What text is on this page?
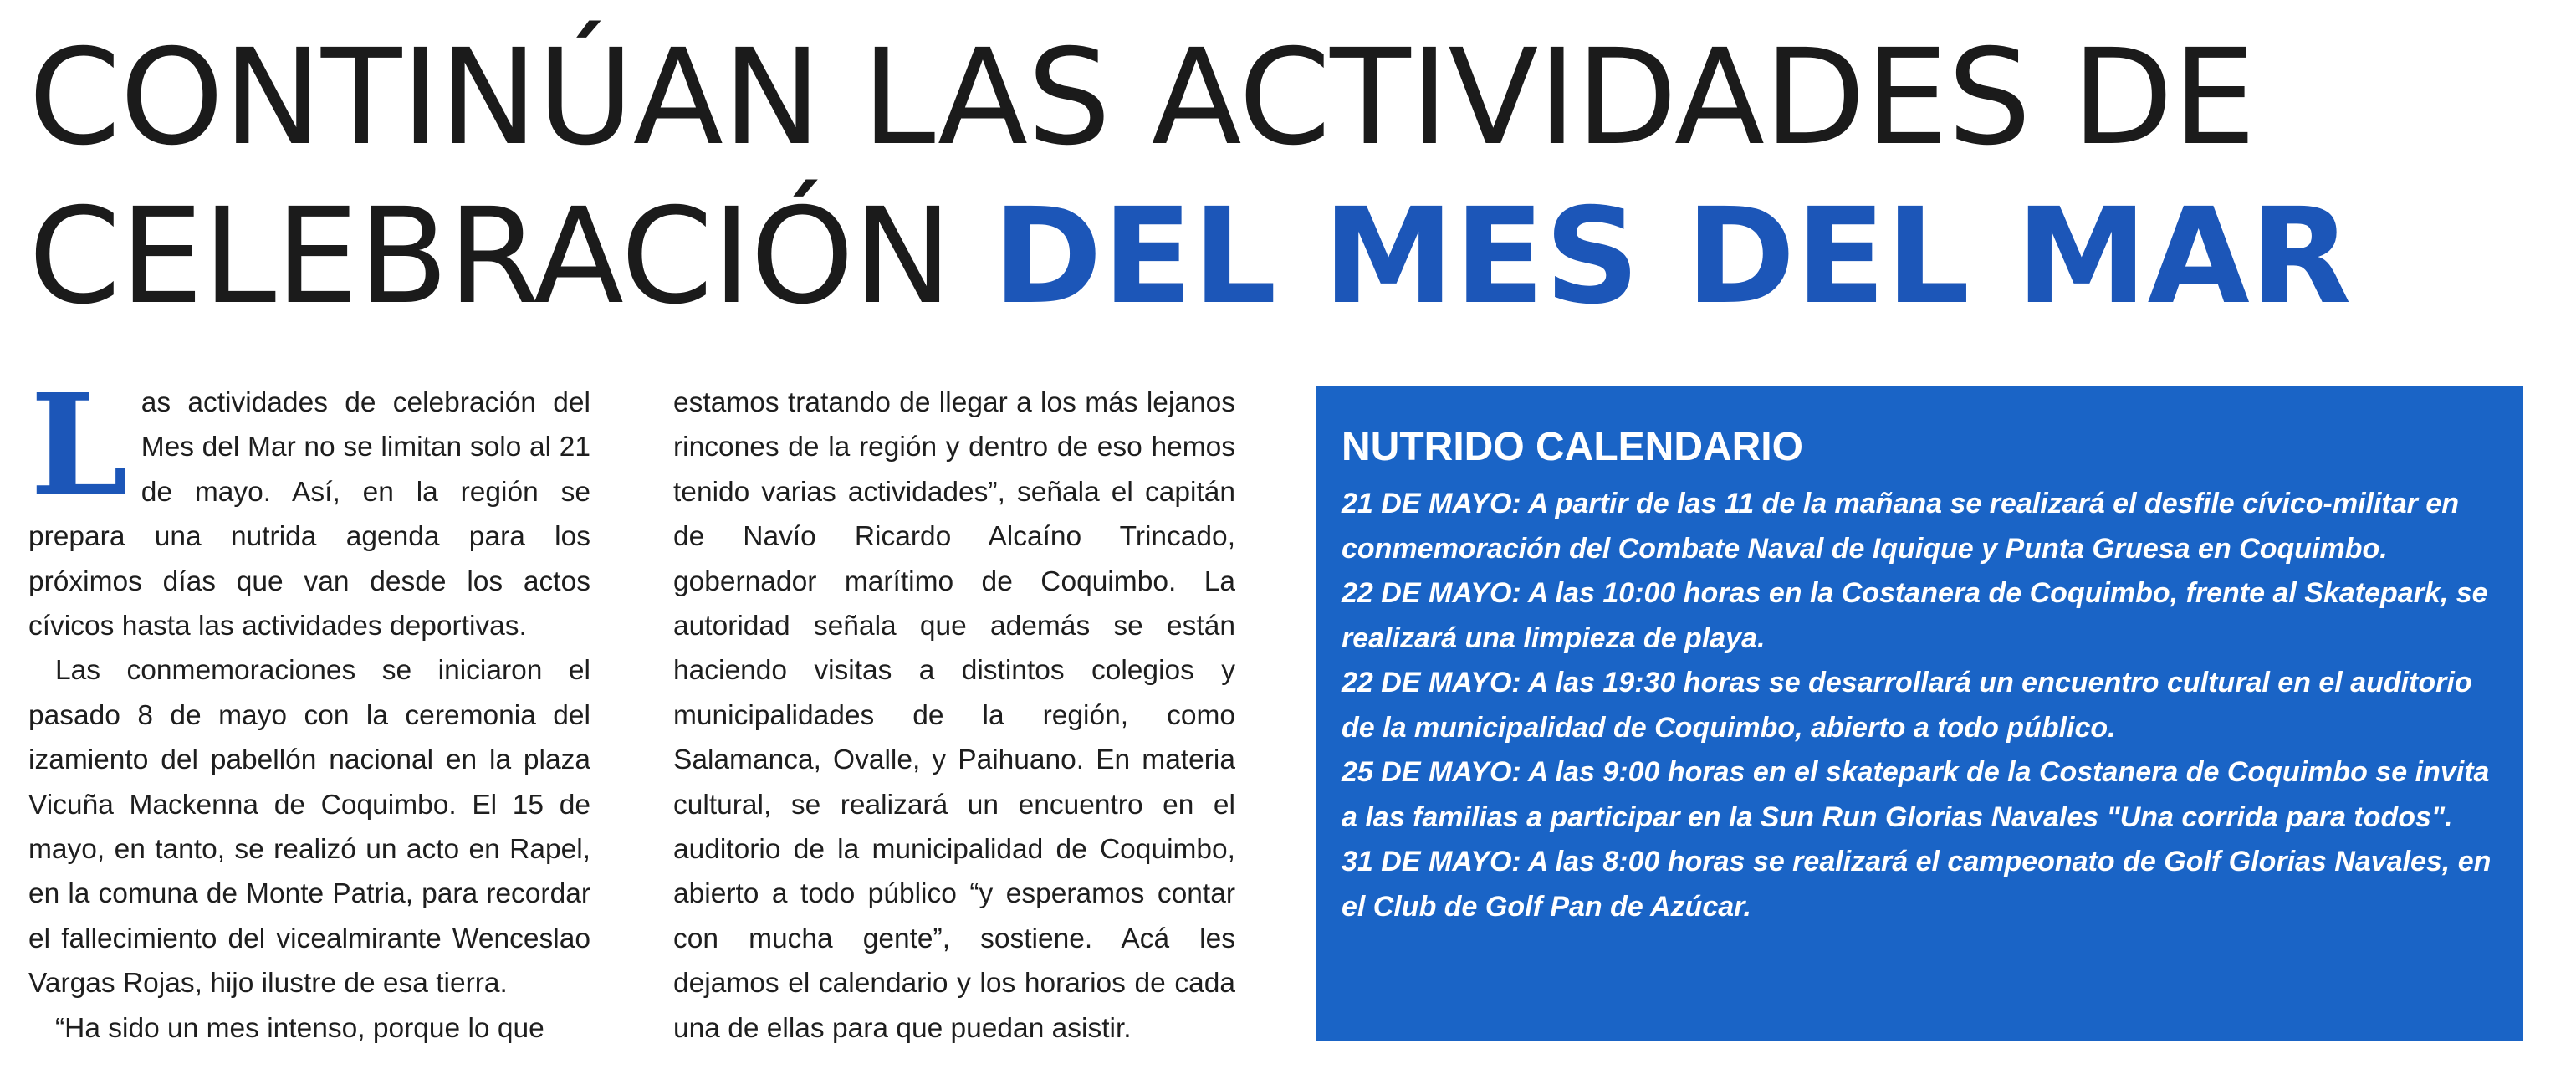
CONTINÚAN LAS ACTIVIDADES DE
CELEBRACIÓN DEL MES DEL MAR

Las actividades de celebración del Mes del Mar no se limitan solo al 21 de mayo. Así, en la región se prepara una nutrida agenda para los próximos días que van desde los actos cívicos hasta las actividades deportivas.

Las conmemoraciones se iniciaron el pasado 8 de mayo con la ceremonia del izamiento del pabellón nacional en la plaza Vicuña Mackenna de Coquimbo. El 15 de mayo, en tanto, se realizó un acto en Rapel, en la comuna de Monte Patria, para recordar el fallecimiento del vicealmirante Wenceslao Vargas Rojas, hijo ilustre de esa tierra.

“Ha sido un mes intenso, porque lo que

estamos tratando de llegar a los más lejanos rincones de la región y dentro de eso hemos tenido varias actividades”, señala el capitán de Navío Ricardo Alcaíno Trincado, gobernador marítimo de Coquimbo. La autoridad señala que además se están haciendo visitas a distintos colegios y municipalidades de la región, como Salamanca, Ovalle, y Paihuano. En materia cultural, se realizará un encuentro en el auditorio de la municipalidad de Coquimbo, abierto a todo público “y esperamos contar con mucha gente”, sostiene. Acá les dejamos el calendario y los horarios de cada una de ellas para que puedan asistir.

NUTRIDO CALENDARIO

21 DE MAYO: A partir de las 11 de la mañana se realizará el desfile cívico-militar en conmemoración del Combate Naval de Iquique y Punta Gruesa en Coquimbo.

22 DE MAYO: A las 10:00 horas en la Costanera de Coquimbo, frente al Skatepark, se realizará una limpieza de playa.

22 DE MAYO: A las 19:30 horas se desarrollará un encuentro cultural en el auditorio de la municipalidad de Coquimbo, abierto a todo público.

25 DE MAYO: A las 9:00 horas en el skatepark de la Costanera de Coquimbo se invita a las familias a participar en la Sun Run Glorias Navales "Una corrida para todos".

31 DE MAYO: A las 8:00 horas se realizará el campeonato de Golf Glorias Navales, en el Club de Golf Pan de Azúcar.
